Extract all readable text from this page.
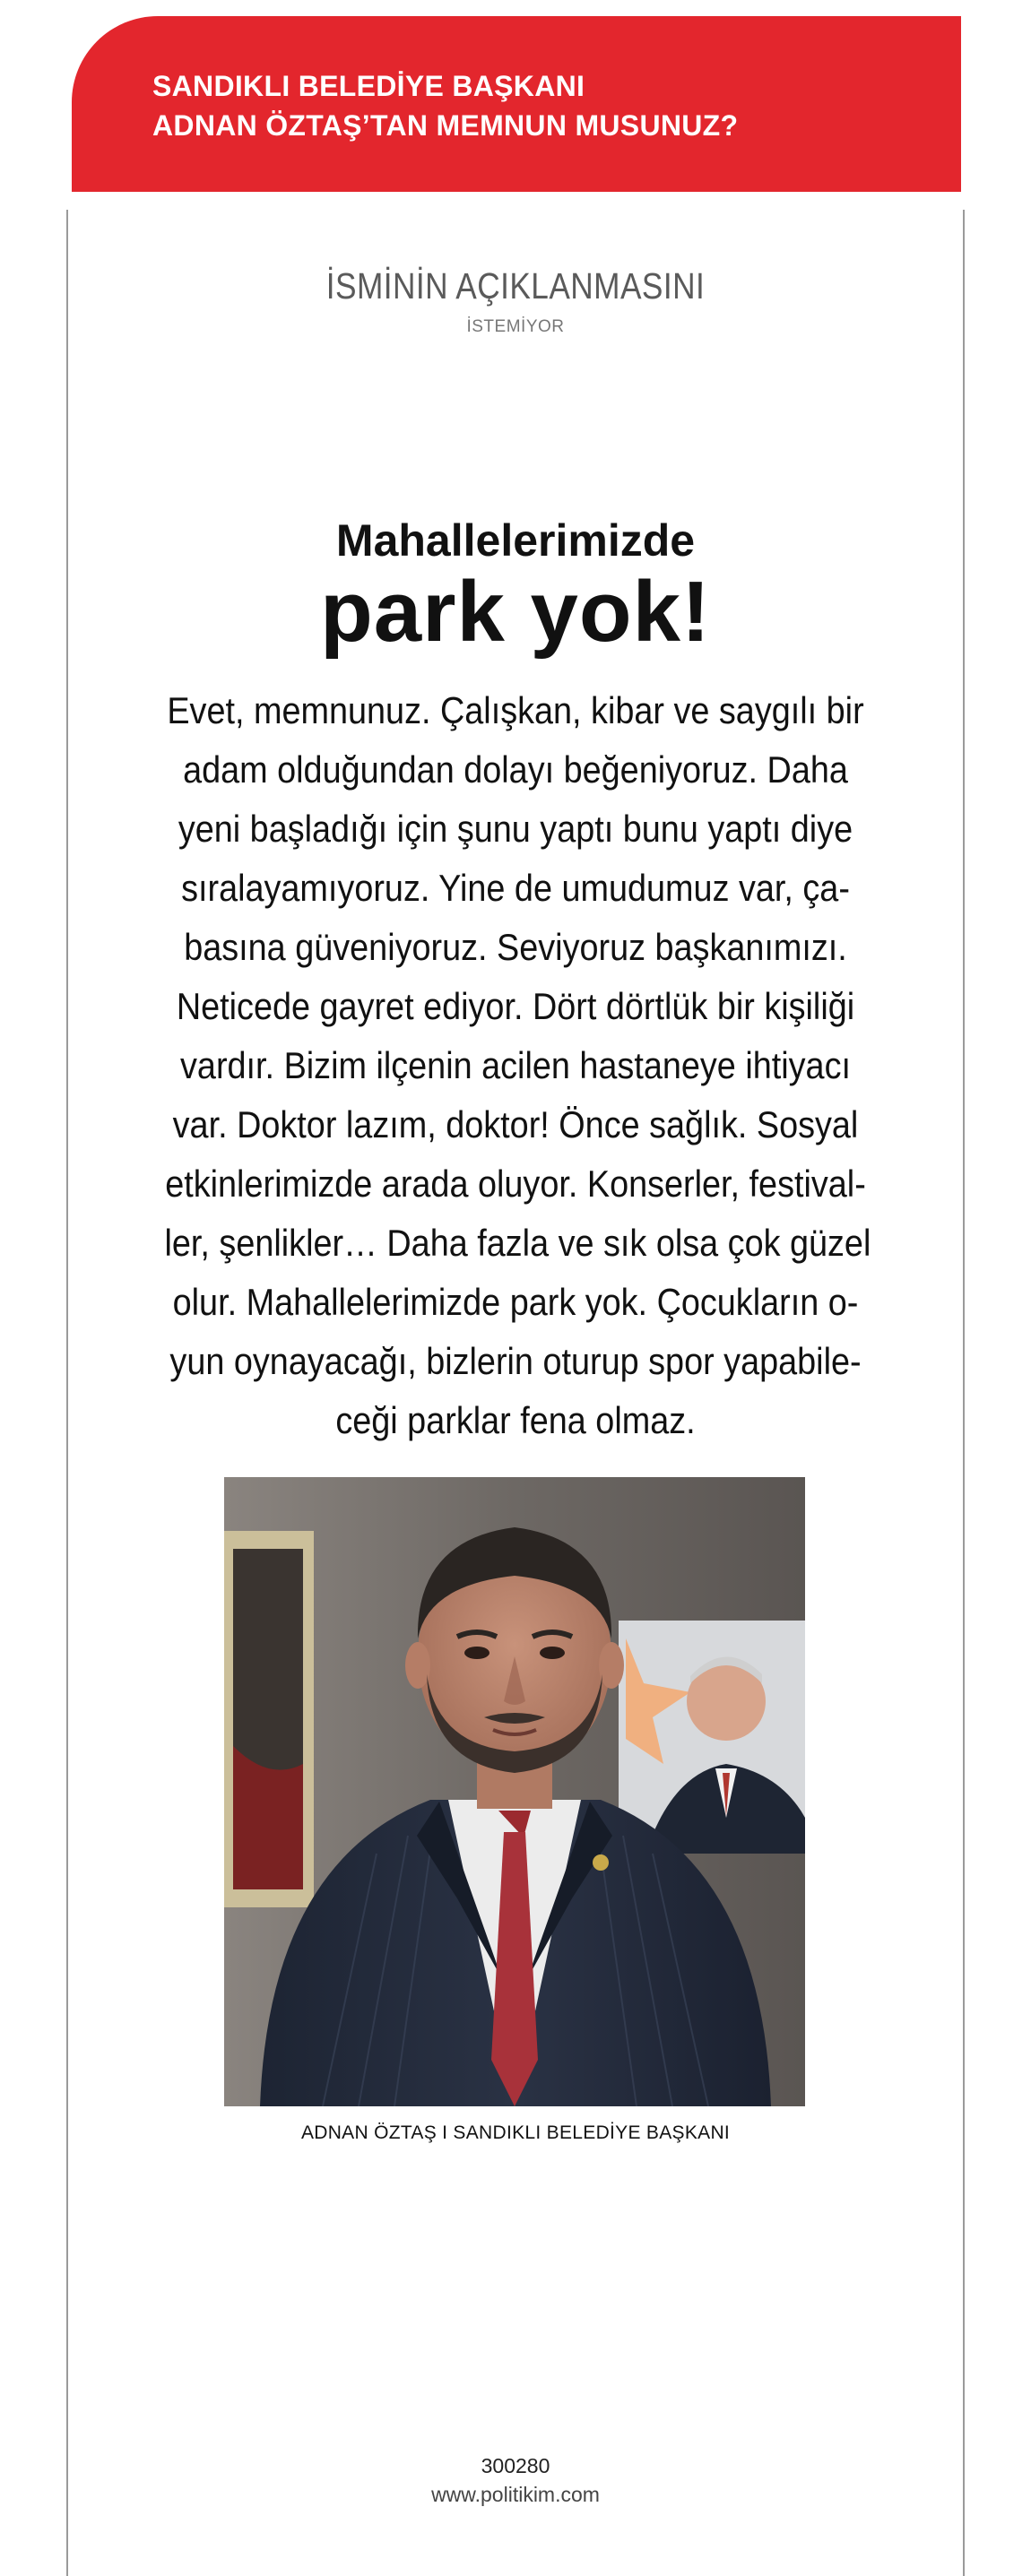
SANDIKLI BELEDİYE BAŞKANI
ADNAN ÖZTAŞ’TAN MEMNUN MUSUNUZ?
İSMİNİN AÇIKLANMASINI
İSTEMİYOR
Mahallelerimizde
park yok!
Evet, memnunuz. Çalışkan, kibar ve saygılı bir
adam olduğundan dolayı beğeniyoruz. Daha
yeni başladığı için şunu yaptı bunu yaptı diye
sıralayamıyoruz. Yine de umudumuz var, ça-
basına güveniyoruz. Seviyoruz başkanımızı.
Neticede gayret ediyor. Dört dörtlük bir kişiliği
vardır. Bizim ilçenin acilen hastaneye ihtiyacı
var. Doktor lazım, doktor! Önce sağlık. Sosyal
etkinlerimizde arada oluyor. Konserler, festival-
ler, şenlikler… Daha fazla ve sık olsa çok güzel
olur. Mahallelerimizde park yok. Çocukların o-
yun oynayacağı, bizlerin oturup spor yapabile-
ceği parklar fena olmaz.
ADNAN ÖZTAŞ I SANDIKLI BELEDİYE BAŞKANI
300280
www.politikim.com
